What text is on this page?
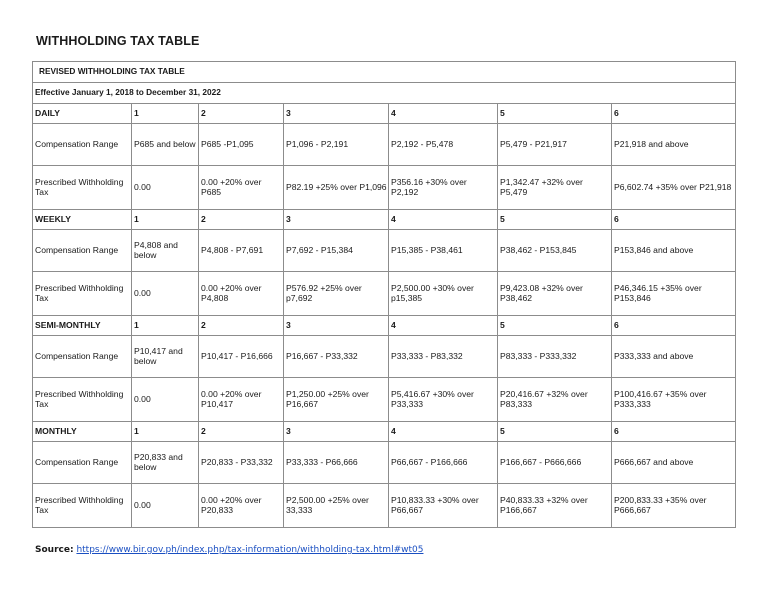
WITHHOLDING TAX TABLE
REVISED WITHHOLDING TAX TABLE						
Effective January 1, 2018 to December 31, 2022						
DAILY	1	2	3	4	5	6
Compensation Range	P685 and below	P685 -P1,095	P1,096 - P2,191	P2,192 - P5,478	P5,479 - P21,917	P21,918 and above
Prescribed Withholding Tax	0.00	0.00 +20% over P685	P82.19 +25% over P1,096	P356.16 +30% over P2,192	P1,342.47 +32% over P5,479	P6,602.74 +35% over P21,918
WEEKLY	1	2	3	4	5	6
Compensation Range	P4,808 and below	P4,808 - P7,691	P7,692 - P15,384	P15,385 - P38,461	P38,462 - P153,845	P153,846 and above
Prescribed Withholding Tax	0.00	0.00 +20% over P4,808	P576.92 +25% over p7,692	P2,500.00 +30% over p15,385	P9,423.08 +32% over P38,462	P46,346.15 +35% over P153,846
SEMI-MONTHLY	1	2	3	4	5	6
Compensation Range	P10,417 and below	P10,417 - P16,666	P16,667 - P33,332	P33,333 - P83,332	P83,333 - P333,332	P333,333 and above
Prescribed Withholding Tax	0.00	0.00 +20% over P10,417	P1,250.00 +25% over P16,667	P5,416.67 +30% over P33,333	P20,416.67 +32% over P83,333	P100,416.67 +35% over P333,333
MONTHLY	1	2	3	4	5	6
Compensation Range	P20,833 and below	P20,833 - P33,332	P33,333 - P66,666	P66,667 - P166,666	P166,667 - P666,666	P666,667 and above
Prescribed Withholding Tax	0.00	0.00 +20% over P20,833	P2,500.00 +25% over 33,333	P10,833.33 +30% over P66,667	P40,833.33 +32% over P166,667	P200,833.33 +35% over P666,667
Source: https://www.bir.gov.ph/index.php/tax-information/withholding-tax.html#wt05
